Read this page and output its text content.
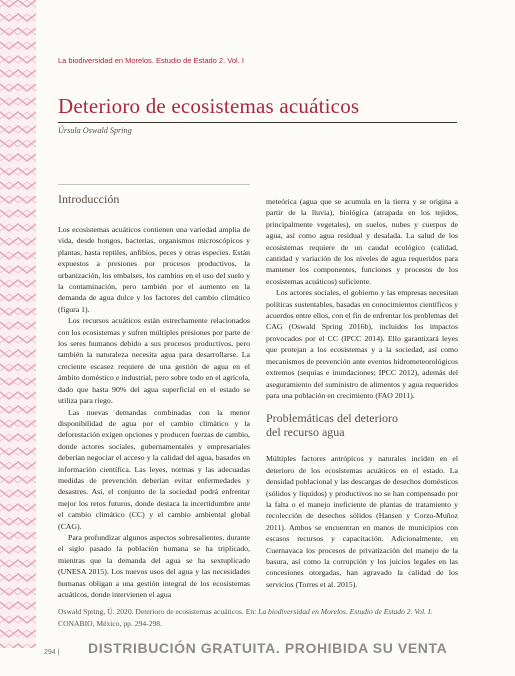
La biodiversidad en Morelos. Estudio de Estado 2. Vol. I
Deterioro de ecosistemas acuáticos
Úrsula Oswald Spring
Introducción

Los ecosistemas acuáticos contienen una variedad amplia de vida, desde hongos, bacterias, organismos microscópicos y plantas, hasta reptiles, anfibios, peces y otras especies. Están expuestos a presiones por procesos productivos, la urbanización, los embalses, los cambios en el uso del suelo y la contaminación, pero también por el aumento en la demanda de agua dulce y los factores del cambio climático (figura 1).

Los recursos acuáticos están estrechamente relacionados con los ecosistemas y sufren múltiples presiones por parte de los seres humanos debido a sus procesos productivos, pero también la naturaleza necesita agua para desarrollarse. La creciente escasez requiere de una gestión de agua en el ámbito doméstico e industrial, pero sobre todo en el agrícola, dado que hasta 90% del agua superficial en el estado se utiliza para riego.

Las nuevas demandas combinadas con la menor disponibilidad de agua por el cambio climático y la deforestación exigen opciones y producen fuerzas de cambio, donde actores sociales, gubernamentales y empresariales deberían negociar el acceso y la calidad del agua, basados en información científica. Las leyes, normas y las adecuadas medidas de prevención deberían evitar enfermedades y desastres. Así, el conjunto de la sociedad podrá enfrentar mejor los retos futuros, donde destaca la incertidumbre ante el cambio climático (CC) y el cambio ambiental global (CAG).

Para profundizar algunos aspectos sobresalientes, durante el siglo pasado la población humana se ha triplicado, mientras que la demanda del agua se ha sextuplicado (UNESA 2015). Los nuevos usos del agua y las necesidades humanas obligan a una gestión integral de los ecosistemas acuáticos, donde intervienen el agua

meteórica (agua que se acumula en la tierra y se origina a partir de la lluvia), biológica (atrapada en los tejidos, principalmente vegetales), en suelos, nubes y cuerpos de agua, así como agua residual y desalada. La salud de los ecosistemas requiere de un caudal ecológico (calidad, cantidad y variación de los niveles de agua requeridos para mantener los componentes, funciones y procesos de los ecosistemas acuáticos) suficiente.

Los actores sociales, el gobierno y las empresas necesitan políticas sustentables, basadas en conocimientos científicos y acuerdos entre ellos, con el fin de enfrentar los problemas del CAG (Oswald Spring 2016b), incluidos los impactos provocados por el CC (IPCC 2014). Ello garantizará leyes que protejan a los ecosistemas y a la sociedad, así como mecanismos de prevención ante eventos hidrometeorológicos extremos (sequías e inundaciones; IPCC 2012), además del aseguramiento del suministro de alimentos y agua requeridos para una población en crecimiento (FAO 2011).

Problemáticas del deterioro
del recurso agua

Múltiples factores antrópicos y naturales inciden en el deterioro de los ecosistemas acuáticos en el estado. La densidad poblacional y las descargas de desechos domésticos (sólidos y líquidos) y productivos no se han compensado por la falta o el manejo ineficiente de plantas de tratamiento y recolección de desechos sólidos (Hansen y Corzo-Muñoz 2011). Ambos se encuentran en manos de municipios con escasos recursos y capacitación. Adicionalmente, en Cuernavaca los procesos de privatización del manejo de la basura, así como la corrupción y los juicios legales en las concesiones otorgadas, han agravado la calidad de los servicios (Torres et al. 2015).

Oswald Spring, Ú. 2020. Deterioro de ecosistemas acuáticos. En: La biodiversidad en Morelos. Estudio de Estado 2. Vol. I. CONABIO, México, pp. 294-298.

294 | DISTRIBUCIÓN GRATUITA. PROHIBIDA SU VENTA
